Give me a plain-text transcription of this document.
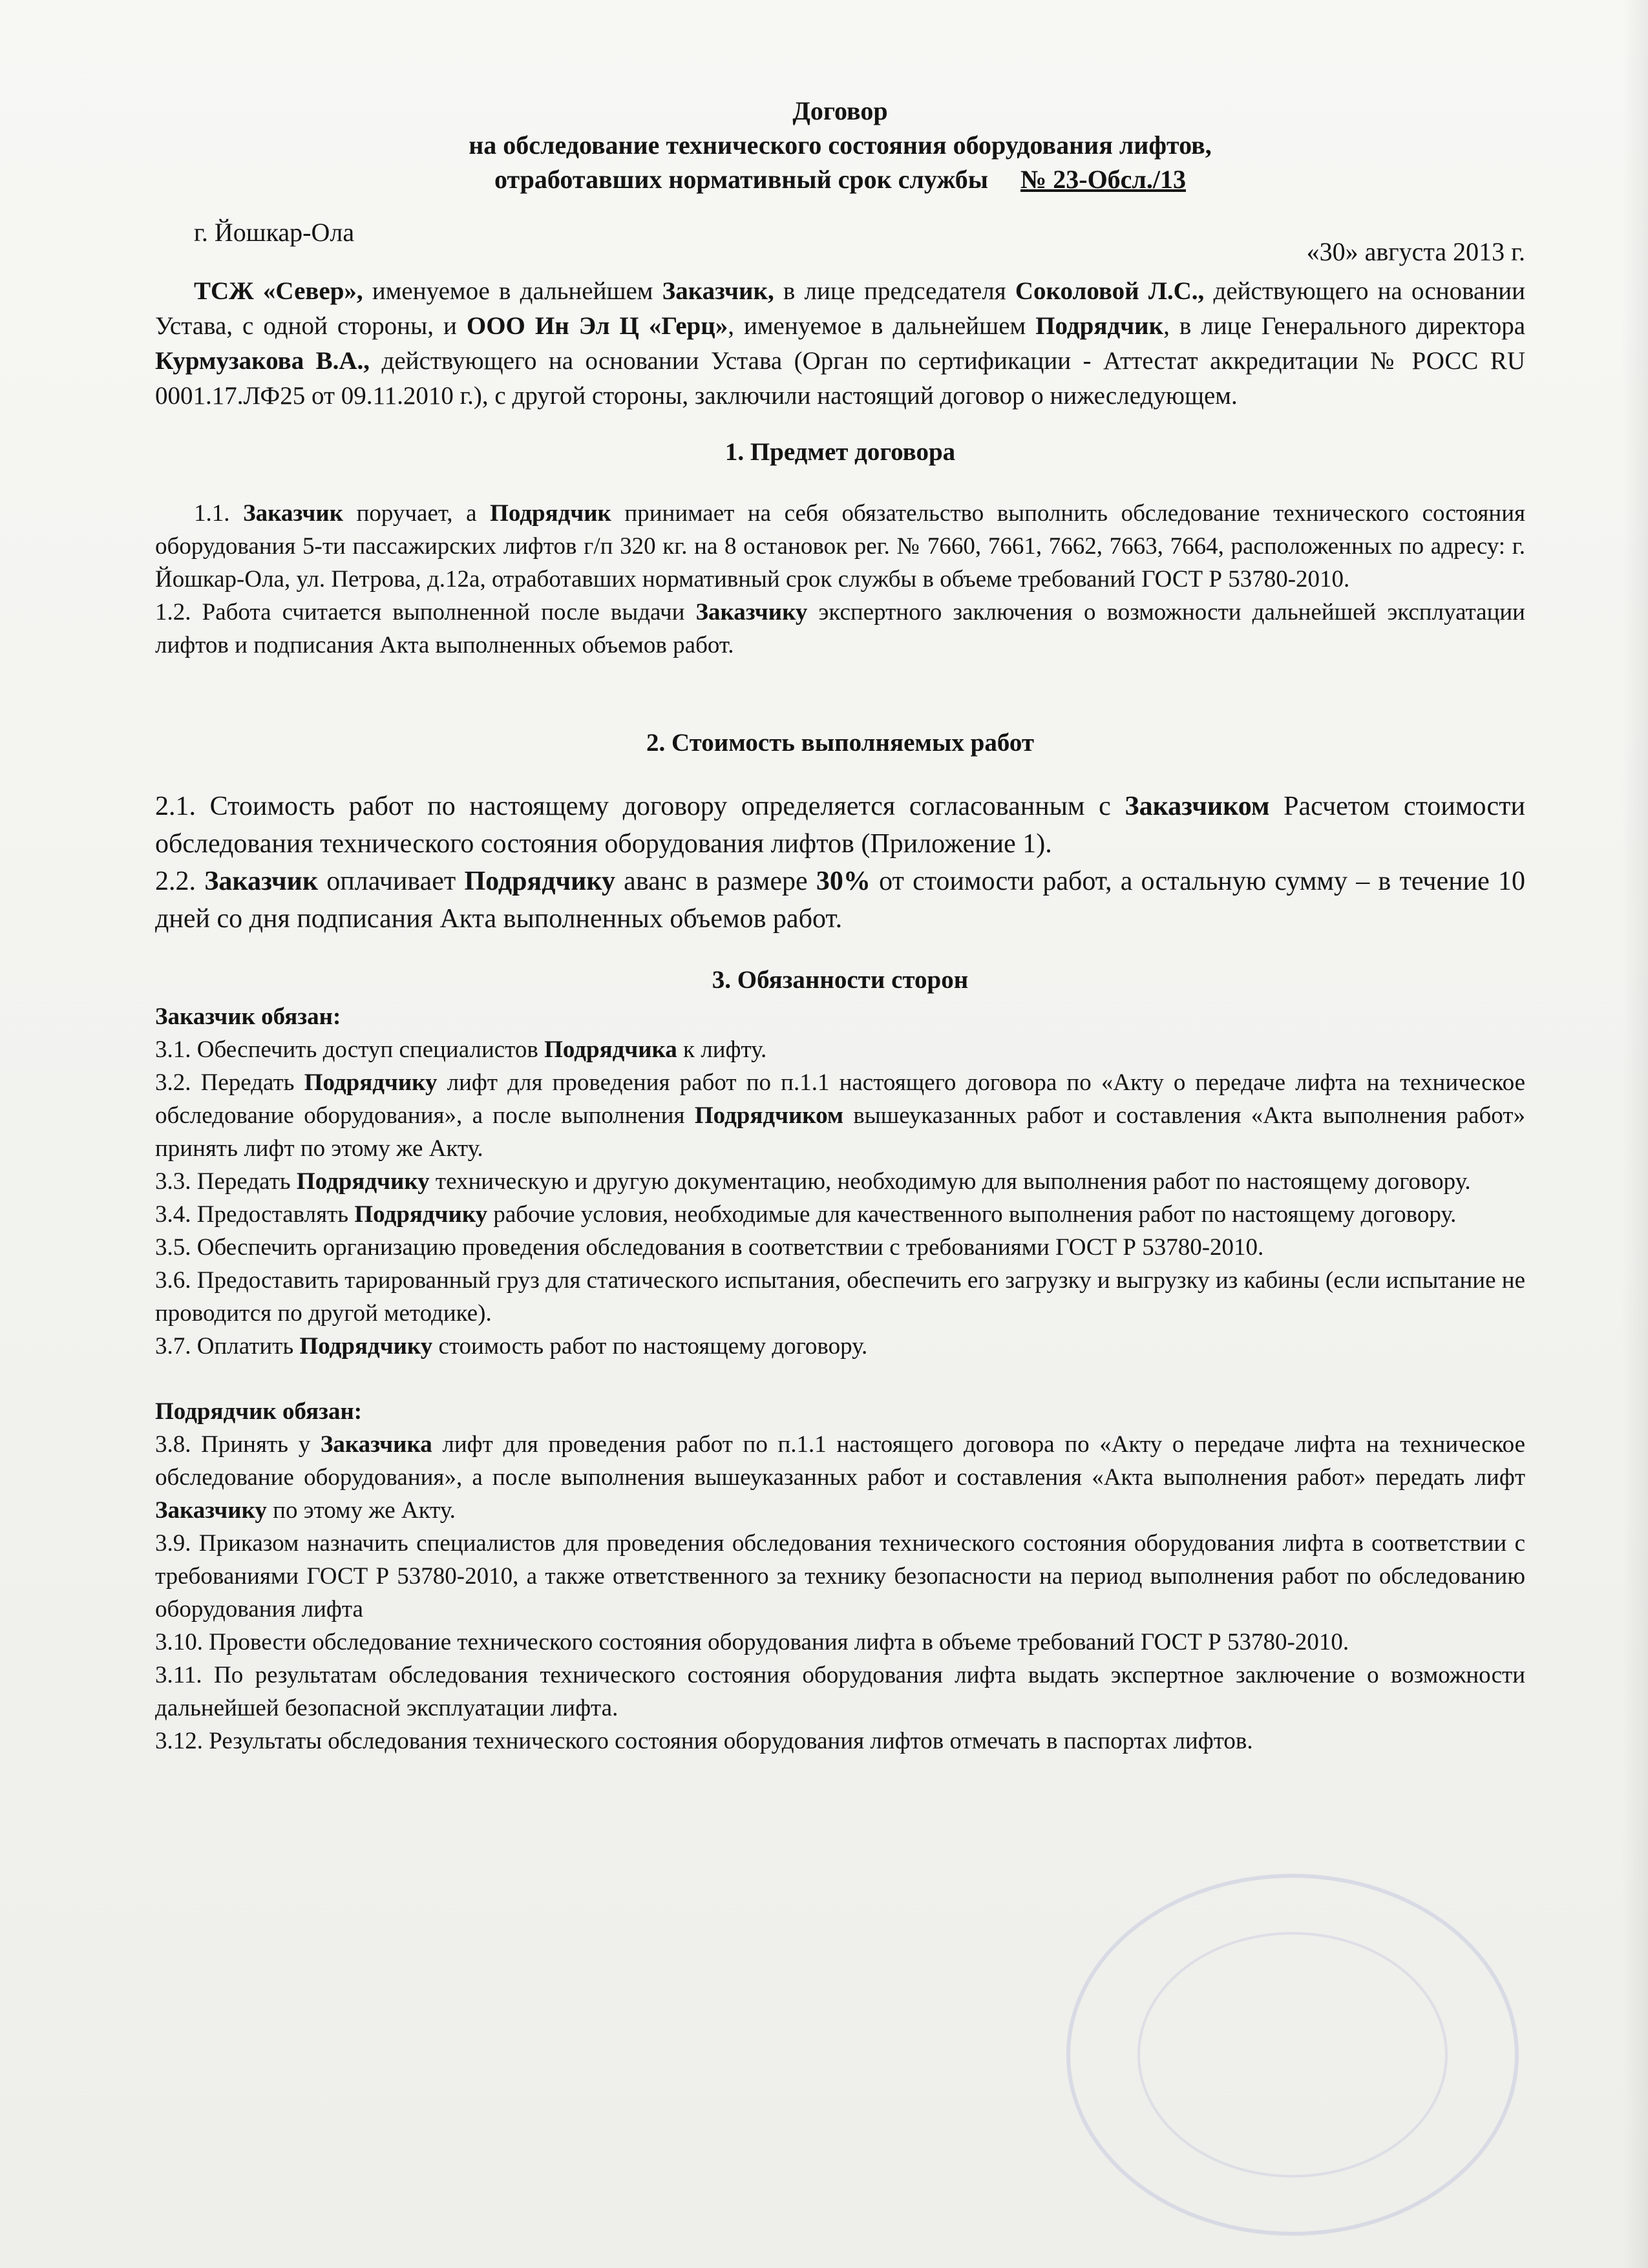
Договор
на обследование технического состояния оборудования лифтов,
отработавших нормативный срок службы № 23-Обсл./13
г. Йошкар-Ола
«30» августа 2013 г.

ТСЖ «Север», именуемое в дальнейшем Заказчик, в лице председателя Соколовой Л.С., действующего на основании Устава, с одной стороны, и ООО Ин Эл Ц «Герц», именуемое в дальнейшем Подрядчик, в лице Генерального директора Курмузакова В.А., действующего на основании Устава (Орган по сертификации - Аттестат аккредитации № РОСС RU 0001.17.ЛФ25 от 09.11.2010 г.), с другой стороны, заключили настоящий договор о нижеследующем.

1. Предмет договора

1.1. Заказчик поручает, а Подрядчик принимает на себя обязательство выполнить обследование технического состояния оборудования 5-ти пассажирских лифтов г/п 320 кг. на 8 остановок рег. № 7660, 7661, 7662, 7663, 7664, расположенных по адресу: г. Йошкар-Ола, ул. Петрова, д.12а, отработавших нормативный срок службы в объеме требований ГОСТ Р 53780-2010.

1.2. Работа считается выполненной после выдачи Заказчику экспертного заключения о возможности дальнейшей эксплуатации лифтов и подписания Акта выполненных объемов работ.

2. Стоимость выполняемых работ

2.1. Стоимость работ по настоящему договору определяется согласованным с Заказчиком Расчетом стоимости обследования технического состояния оборудования лифтов (Приложение 1).

2.2. Заказчик оплачивает Подрядчику аванс в размере 30% от стоимости работ, а остальную сумму – в течение 10 дней со дня подписания Акта выполненных объемов работ.

3. Обязанности сторон

Заказчик обязан:

3.1. Обеспечить доступ специалистов Подрядчика к лифту.

3.2. Передать Подрядчику лифт для проведения работ по п.1.1 настоящего договора по «Акту о передаче лифта на техническое обследование оборудования», а после выполнения Подрядчиком вышеуказанных работ и составления «Акта выполнения работ» принять лифт по этому же Акту.

3.3. Передать Подрядчику техническую и другую документацию, необходимую для выполнения работ по настоящему договору.

3.4. Предоставлять Подрядчику рабочие условия, необходимые для качественного выполнения работ по настоящему договору.

3.5. Обеспечить организацию проведения обследования в соответствии с требованиями ГОСТ Р 53780-2010.

3.6. Предоставить тарированный груз для статического испытания, обеспечить его загрузку и выгрузку из кабины (если испытание не проводится по другой методике).

3.7. Оплатить Подрядчику стоимость работ по настоящему договору.

Подрядчик обязан:

3.8. Принять у Заказчика лифт для проведения работ по п.1.1 настоящего договора по «Акту о передаче лифта на техническое обследование оборудования», а после выполнения вышеуказанных работ и составления «Акта выполнения работ» передать лифт Заказчику по этому же Акту.

3.9. Приказом назначить специалистов для проведения обследования технического состояния оборудования лифта в соответствии с требованиями ГОСТ Р 53780-2010, а также ответственного за технику безопасности на период выполнения работ по обследованию оборудования лифта

3.10. Провести обследование технического состояния оборудования лифта в объеме требований ГОСТ Р 53780-2010.

3.11. По результатам обследования технического состояния оборудования лифта выдать экспертное заключение о возможности дальнейшей безопасной эксплуатации лифта.

3.12. Результаты обследования технического состояния оборудования лифтов отмечать в паспортах лифтов.
